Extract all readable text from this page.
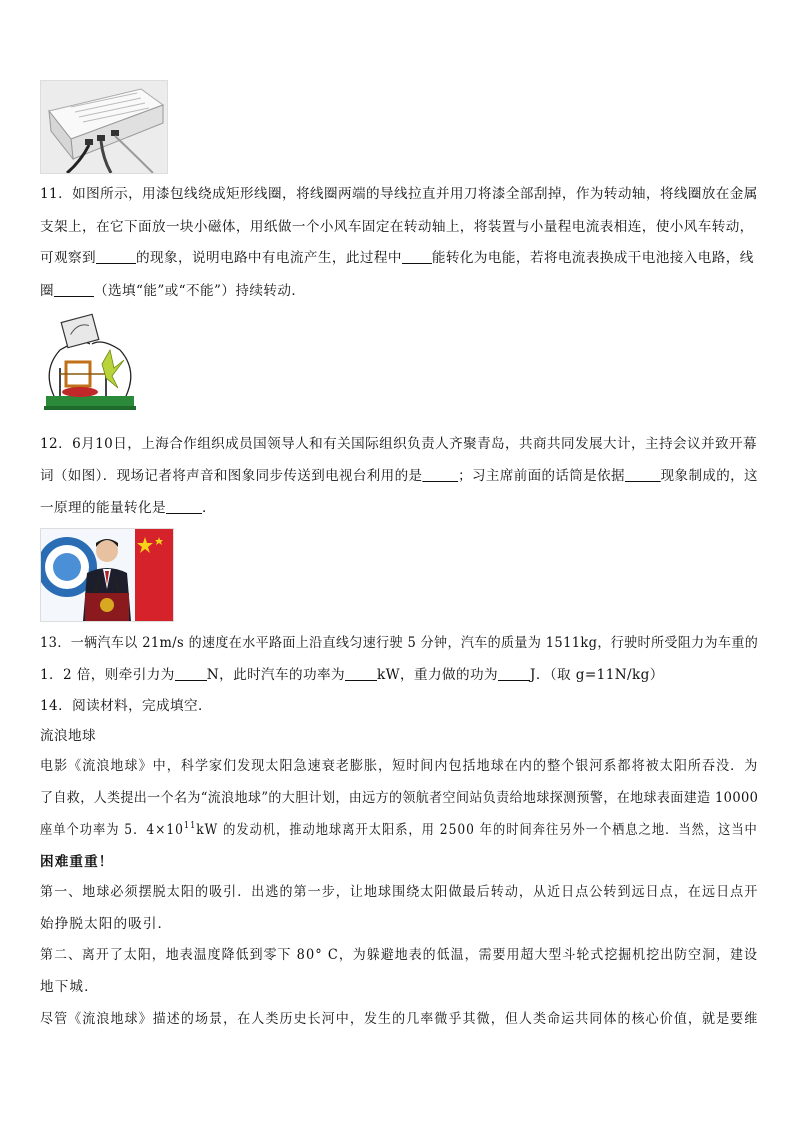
11．如图所示，用漆包线绕成矩形线圈，将线圈两端的导线拉直并用刀将漆全部刮掉，作为转动轴，将线圈放在金属
支架上，在它下面放一块小磁体，用纸做一个小风车固定在转动轴上，将装置与小量程电流表相连，使小风车转动，
可观察到	的现象，说明电路中有电流产生，此过程中 能转化为电能，若将电流表换成干电池接入电路，线
圈	（选填“能”或“不能”）持续转动．
12．6月10日，上海合作组织成员国领导人和有关国际组织负责人齐聚青岛，共商共同发展大计，主持会议并致开幕
词（如图）．现场记者将声音和图象同步传送到电视台利用的是	；习主席前面的话筒是依据	现象制成的，这
一原理的能量转化是	．
13．一辆汽车以 21m/s 的速度在水平路面上沿直线匀速行驶 5 分钟，汽车的质量为 1511kg，行驶时所受阻力为车重的
1．2 倍，则牵引力为 N，此时汽车的功率为 kW，重力做的功为 J．（取 g=11N/kg）
14．阅读材料，完成填空．
流浪地球
电影《流浪地球》中，科学家们发现太阳急速衰老膨胀，短时间内包括地球在内的整个银河系都将被太阳所吞没．为
了自救，人类提出一个名为“流浪地球”的大胆计划，由远方的领航者空间站负责给地球探测预警，在地球表面建造 10000
座单个功率为 5．$4\times 10^{11}kW$ 的发动机，推动地球离开太阳系，用 2500 年的时间奔往另外一个栖息之地．当然，这当中
困难重重！
第一、地球必须摆脱太阳的吸引．出逃的第一步，让地球围绕太阳做最后转动，从近日点公转到远日点，在远日点开
始挣脱太阳的吸引．
第二、离开了太阳，地表温度降低到零下 80° C，为躲避地表的低温，需要用超大型斗轮式挖掘机挖出防空洞，建设
地下城．
尽管《流浪地球》描述的场景，在人类历史长河中，发生的几率微乎其微，但人类命运共同体的核心价值，就是要维
